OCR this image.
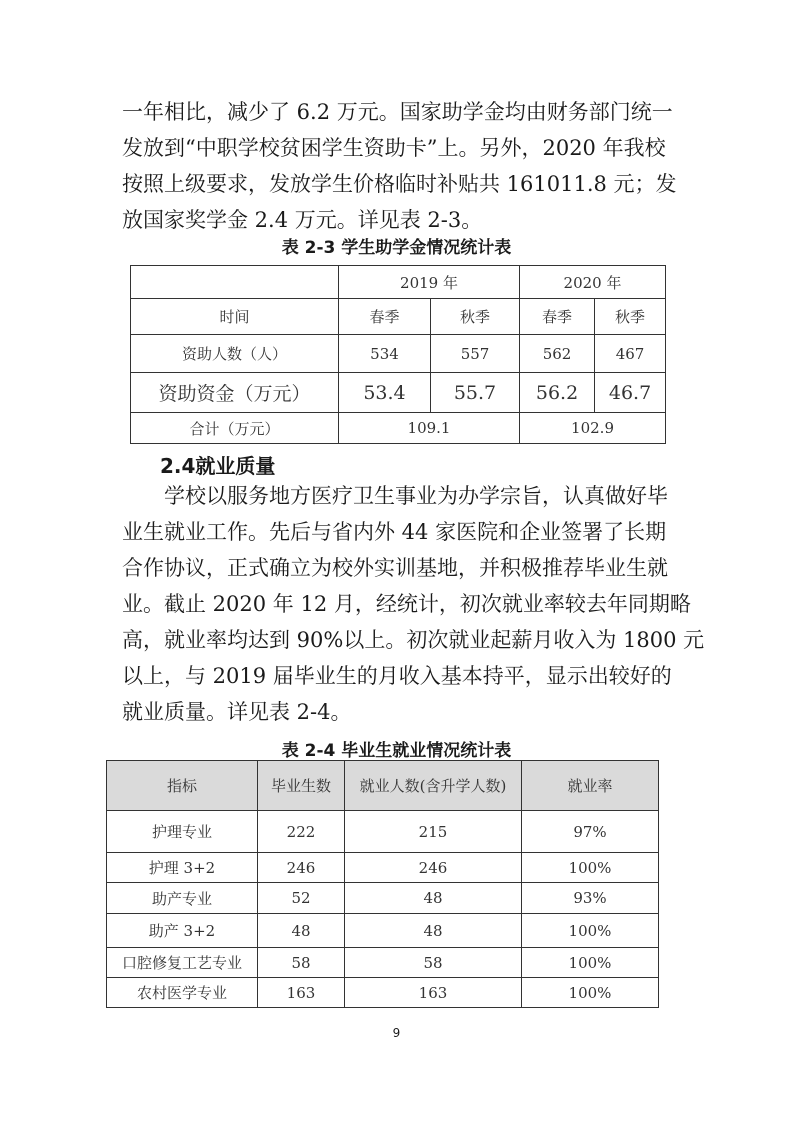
一年相比，减少了 6.2 万元。国家助学金均由财务部门统一
发放到“中职学校贫困学生资助卡”上。另外，2020 年我校
按照上级要求，发放学生价格临时补贴共 161011.8 元；发
放国家奖学金 2.4 万元。详见表 2-3。
表 2-3 学生助学金情况统计表
	2019 年		2020 年	
时间	春季	秋季	春季	秋季
资助人数（人）	534	557	562	467
资助资金（万元）	53.4	55.7	56.2	46.7
合计（万元）	109.1		102.9	
2.4就业质量
学校以服务地方医疗卫生事业为办学宗旨，认真做好毕
业生就业工作。先后与省内外 44 家医院和企业签署了长期
合作协议，正式确立为校外实训基地，并积极推荐毕业生就
业。截止 2020 年 12 月，经统计，初次就业率较去年同期略
高，就业率均达到 90%以上。初次就业起薪月收入为 1800 元
以上，与 2019 届毕业生的月收入基本持平，显示出较好的
就业质量。详见表 2-4。
表 2-4 毕业生就业情况统计表
指标	毕业生数	就业人数(含升学人数)	就业率
护理专业	222	215	97%
护理 3+2	246	246	100%
助产专业	52	48	93%
助产 3+2	48	48	100%
口腔修复工艺专业	58	58	100%
农村医学专业	163	163	100%
9
